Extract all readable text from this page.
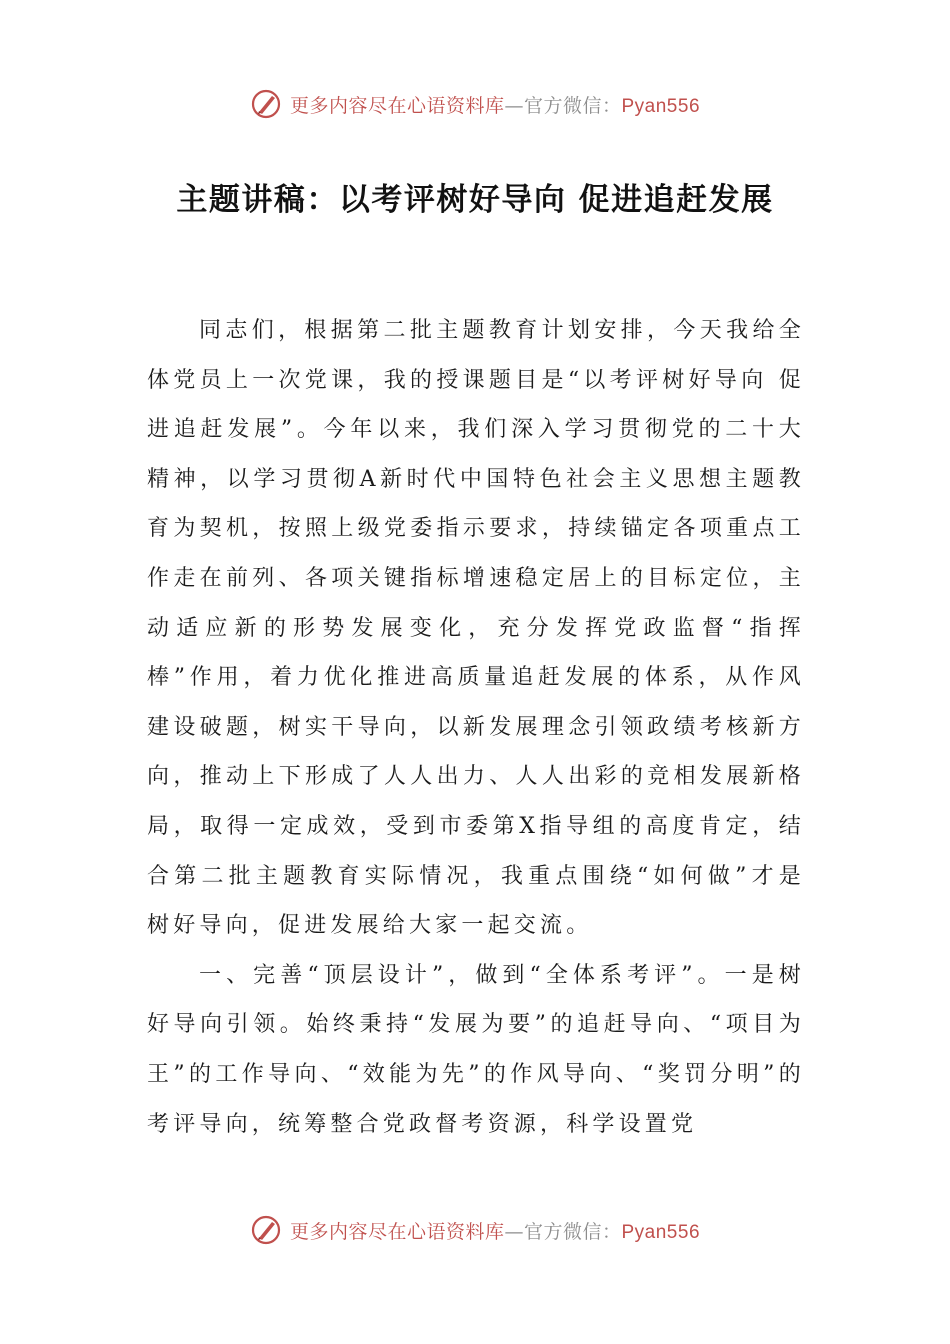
更多内容尽在心语资料库—官方微信：Pyan556
主题讲稿：以考评树好导向 促进追赶发展

同志们，根据第二批主题教育计划安排，今天我给全体党员上一次党课，我的授课题目是“以考评树好导向 促进追赶发展”。今年以来，我们深入学习贯彻党的二十大精神，以学习贯彻A新时代中国特色社会主义思想主题教育为契机，按照上级党委指示要求，持续锚定各项重点工作走在前列、各项关键指标增速稳定居上的目标定位，主动适应新的形势发展变化，充分发挥党政监督“指挥棒”作用，着力优化推进高质量追赶发展的体系，从作风建设破题，树实干导向，以新发展理念引领政绩考核新方向，推动上下形成了人人出力、人人出彩的竞相发展新格局，取得一定成效，受到市委第X指导组的高度肯定，结合第二批主题教育实际情况，我重点围绕“如何做”才是树好导向，促进发展给大家一起交流。

一、完善“顶层设计”，做到“全体系考评”。一是树好导向引领。始终秉持“发展为要”的追赶导向、“项目为王”的工作导向、“效能为先”的作风导向、“奖罚分明”的考评导向，统筹整合党政督考资源，科学设置党

更多内容尽在心语资料库—官方微信：Pyan556
